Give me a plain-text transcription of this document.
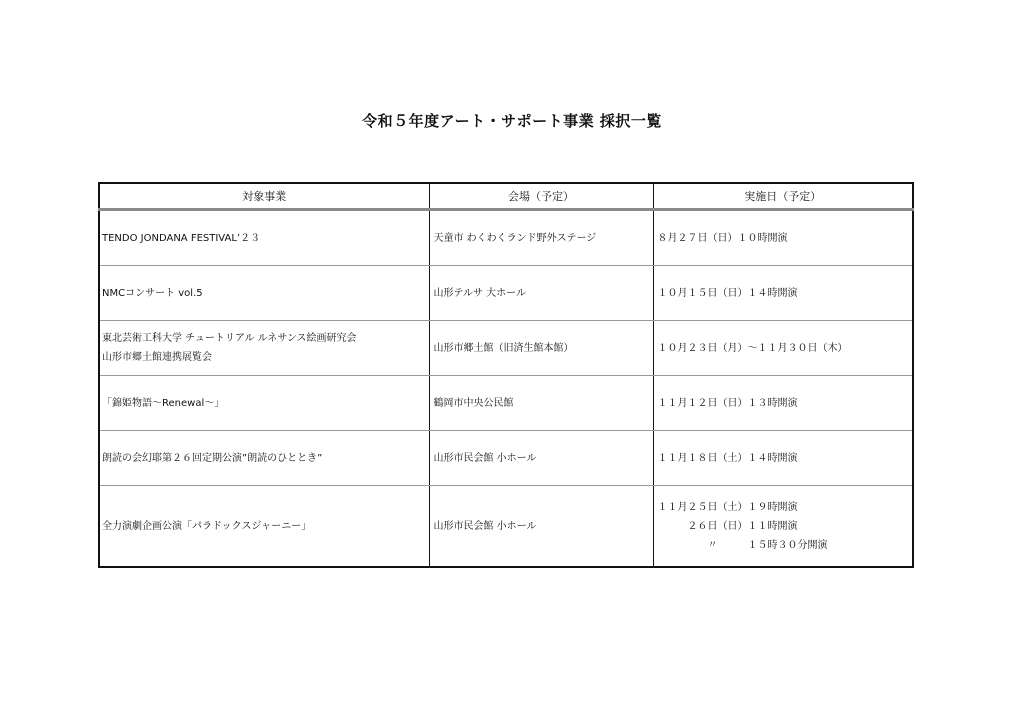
令和５年度アート・サポート事業 採択一覧
対象事業	会場（予定）	実施日（予定）

TENDO JONDANA FESTIVAL’２３	天童市 わくわくランド野外ステージ	８月２７日（日）１０時開演

NMCコンサート vol.5	山形テルサ 大ホール	１０月１５日（日）１４時開演

東北芸術工科大学 チュートリアル ルネサンス絵画研究会
山形市郷土館連携展覧会	山形市郷土館（旧済生館本館）	１０月２３日（月）～１１月３０日（木）

「錦姫物語～Renewal～」	鶴岡市中央公民館	１１月１２日（日）１３時開演

朗読の会幻耶第２６回定期公演”朗読のひととき”	山形市民会館 小ホール	１１月１８日（土）１４時開演

全力演劇企画公演「パラドックスジャーニー」	山形市民会館 小ホール	１１月２５日（土）１９時開演
２６日（日）１１時開演
〃 １５時３０分開演
